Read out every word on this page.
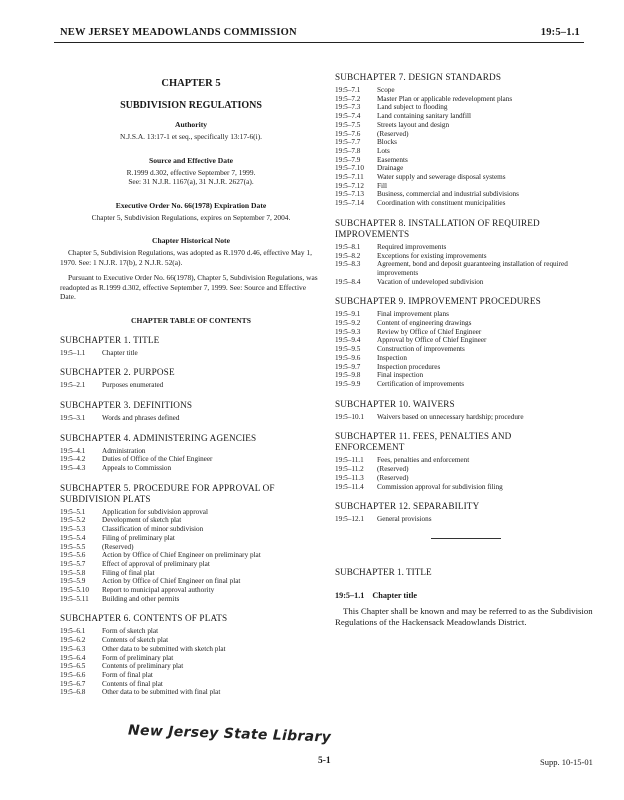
NEW JERSEY MEADOWLANDS COMMISSION	19:5–1.1
CHAPTER 5
SUBDIVISION REGULATIONS
Authority
N.J.S.A. 13:17-1 et seq., specifically 13:17-6(i).
Source and Effective Date
R.1999 d.302, effective September 7, 1999.
See: 31 N.J.R. 1167(a), 31 N.J.R. 2627(a).
Executive Order No. 66(1978) Expiration Date
Chapter 5, Subdivision Regulations, expires on September 7, 2004.
Chapter Historical Note
Chapter 5, Subdivision Regulations, was adopted as R.1970 d.46, effective May 1, 1970. See: 1 N.J.R. 17(b), 2 N.J.R. 52(a).
Pursuant to Executive Order No. 66(1978), Chapter 5, Subdivision Regulations, was readopted as R.1999 d.302, effective September 7, 1999. See: Source and Effective Date.
CHAPTER TABLE OF CONTENTS
SUBCHAPTER 1. TITLE
19:5–1.1	Chapter title
SUBCHAPTER 2. PURPOSE
19:5–2.1	Purposes enumerated
SUBCHAPTER 3. DEFINITIONS
19:5–3.1	Words and phrases defined
SUBCHAPTER 4. ADMINISTERING AGENCIES
19:5–4.1	Administration
19:5–4.2	Duties of Office of the Chief Engineer
19:5–4.3	Appeals to Commission
SUBCHAPTER 5. PROCEDURE FOR APPROVAL OF
SUBDIVISION PLATS
19:5–5.1	Application for subdivision approval
19:5–5.2	Development of sketch plat
19:5–5.3	Classification of minor subdivision
19:5–5.4	Filing of preliminary plat
19:5–5.5	(Reserved)
19:5–5.6	Action by Office of Chief Engineer on preliminary plat
19:5–5.7	Effect of approval of preliminary plat
19:5–5.8	Filing of final plat
19:5–5.9	Action by Office of Chief Engineer on final plat
19:5–5.10	Report to municipal approval authority
19:5–5.11	Building and other permits
SUBCHAPTER 6. CONTENTS OF PLATS
19:5–6.1	Form of sketch plat
19:5–6.2	Contents of sketch plat
19:5–6.3	Other data to be submitted with sketch plat
19:5–6.4	Form of preliminary plat
19:5–6.5	Contents of preliminary plat
19:5–6.6	Form of final plat
19:5–6.7	Contents of final plat
19:5–6.8	Other data to be submitted with final plat
SUBCHAPTER 7. DESIGN STANDARDS
19:5–7.1	Scope
19:5–7.2	Master Plan or applicable redevelopment plans
19:5–7.3	Land subject to flooding
19:5–7.4	Land containing sanitary landfill
19:5–7.5	Streets layout and design
19:5–7.6	(Reserved)
19:5–7.7	Blocks
19:5–7.8	Lots
19:5–7.9	Easements
19:5–7.10	Drainage
19:5–7.11	Water supply and sewerage disposal systems
19:5–7.12	Fill
19:5–7.13	Business, commercial and industrial subdivisions
19:5–7.14	Coordination with constituent municipalities
SUBCHAPTER 8. INSTALLATION OF REQUIRED
IMPROVEMENTS
19:5–8.1	Required improvements
19:5–8.2	Exceptions for existing improvements
19:5–8.3	Agreement, bond and deposit guaranteeing installation of required improvements
19:5–8.4	Vacation of undeveloped subdivision
SUBCHAPTER 9. IMPROVEMENT PROCEDURES
19:5–9.1	Final improvement plans
19:5–9.2	Content of engineering drawings
19:5–9.3	Review by Office of Chief Engineer
19:5–9.4	Approval by Office of Chief Engineer
19:5–9.5	Construction of improvements
19:5–9.6	Inspection
19:5–9.7	Inspection procedures
19:5–9.8	Final inspection
19:5–9.9	Certification of improvements
SUBCHAPTER 10. WAIVERS
19:5–10.1	Waivers based on unnecessary hardship; procedure
SUBCHAPTER 11. FEES, PENALTIES AND
ENFORCEMENT
19:5–11.1	Fees, penalties and enforcement
19:5–11.2	(Reserved)
19:5–11.3	(Reserved)
19:5–11.4	Commission approval for subdivision filing
SUBCHAPTER 12. SEPARABILITY
19:5–12.1	General provisions
SUBCHAPTER 1. TITLE
19:5–1.1 Chapter title
This Chapter shall be known and may be referred to as the Subdivision Regulations of the Hackensack Meadowlands District.
New Jersey State Library
5-1	Supp. 10-15-01
